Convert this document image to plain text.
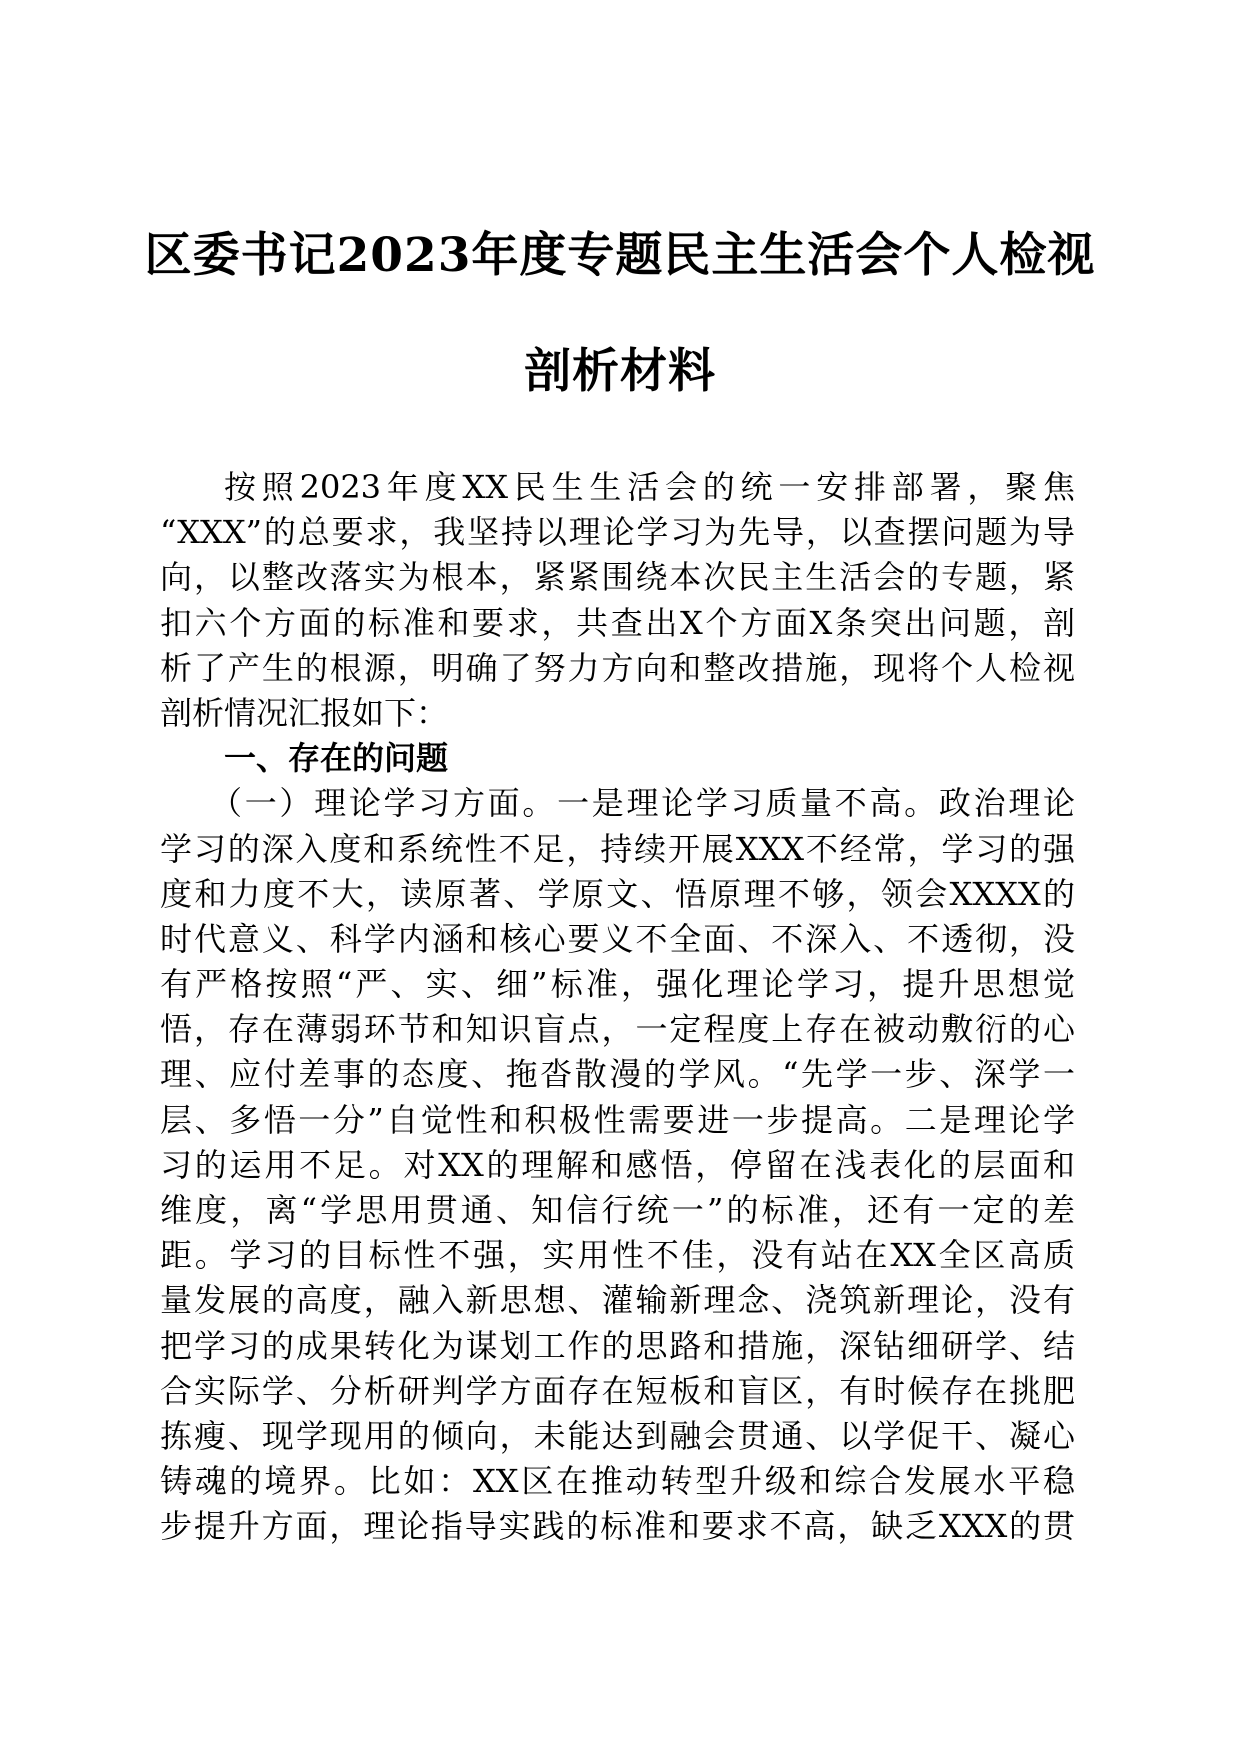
区委书记2023年度专题民主生活会个人检视
剖析材料
按照2023年度XX民生生活会的统一安排部署，聚焦
“XXX”的总要求，我坚持以理论学习为先导，以查摆问题为导
向，以整改落实为根本，紧紧围绕本次民主生活会的专题，紧
扣六个方面的标准和要求，共查出X个方面X条突出问题，剖
析了产生的根源，明确了努力方向和整改措施，现将个人检视
剖析情况汇报如下：
一、存在的问题
（一）理论学习方面。一是理论学习质量不高。政治理论
学习的深入度和系统性不足，持续开展XXX不经常，学习的强
度和力度不大，读原著、学原文、悟原理不够，领会XXXX的
时代意义、科学内涵和核心要义不全面、不深入、不透彻，没
有严格按照“严、实、细”标准，强化理论学习，提升思想觉
悟，存在薄弱环节和知识盲点，一定程度上存在被动敷衍的心
理、应付差事的态度、拖沓散漫的学风。“先学一步、深学一
层、多悟一分”自觉性和积极性需要进一步提高。二是理论学
习的运用不足。对XX的理解和感悟，停留在浅表化的层面和
维度，离“学思用贯通、知信行统一”的标准，还有一定的差
距。学习的目标性不强，实用性不佳，没有站在XX全区高质
量发展的高度，融入新思想、灌输新理念、浇筑新理论，没有
把学习的成果转化为谋划工作的思路和措施，深钻细研学、结
合实际学、分析研判学方面存在短板和盲区，有时候存在挑肥
拣瘦、现学现用的倾向，未能达到融会贯通、以学促干、凝心
铸魂的境界。比如：XX区在推动转型升级和综合发展水平稳
步提升方面，理论指导实践的标准和要求不高，缺乏XXX的贯
